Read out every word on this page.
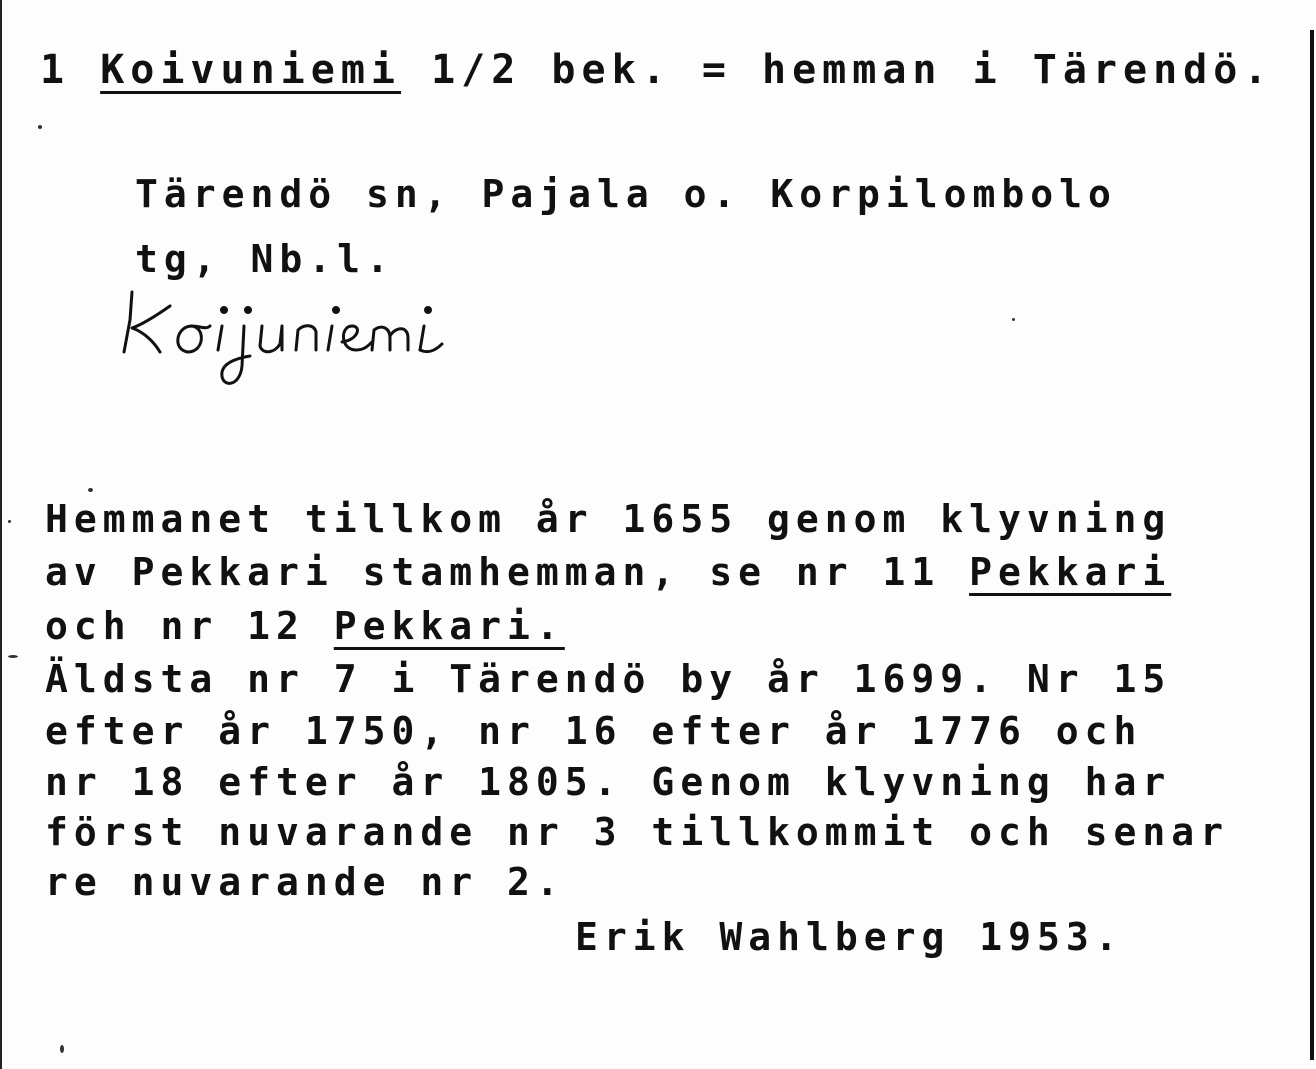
1 Koivuniemi 1/2 bek. = hemman i Tärendö.
Tärendö sn, Pajala o. Korpilombolo
tg, Nb.l.
Hemmanet tillkom år 1655 genom klyvning
av Pekkari stamhemman, se nr 11 Pekkari
och nr 12 Pekkari.
Äldsta nr 7 i Tärendö by år 1699. Nr 15
efter år 1750, nr 16 efter år 1776 och
nr 18 efter år 1805. Genom klyvning har
först nuvarande nr 3 tillkommit och senar
re nuvarande nr 2.
Erik Wahlberg 1953.
